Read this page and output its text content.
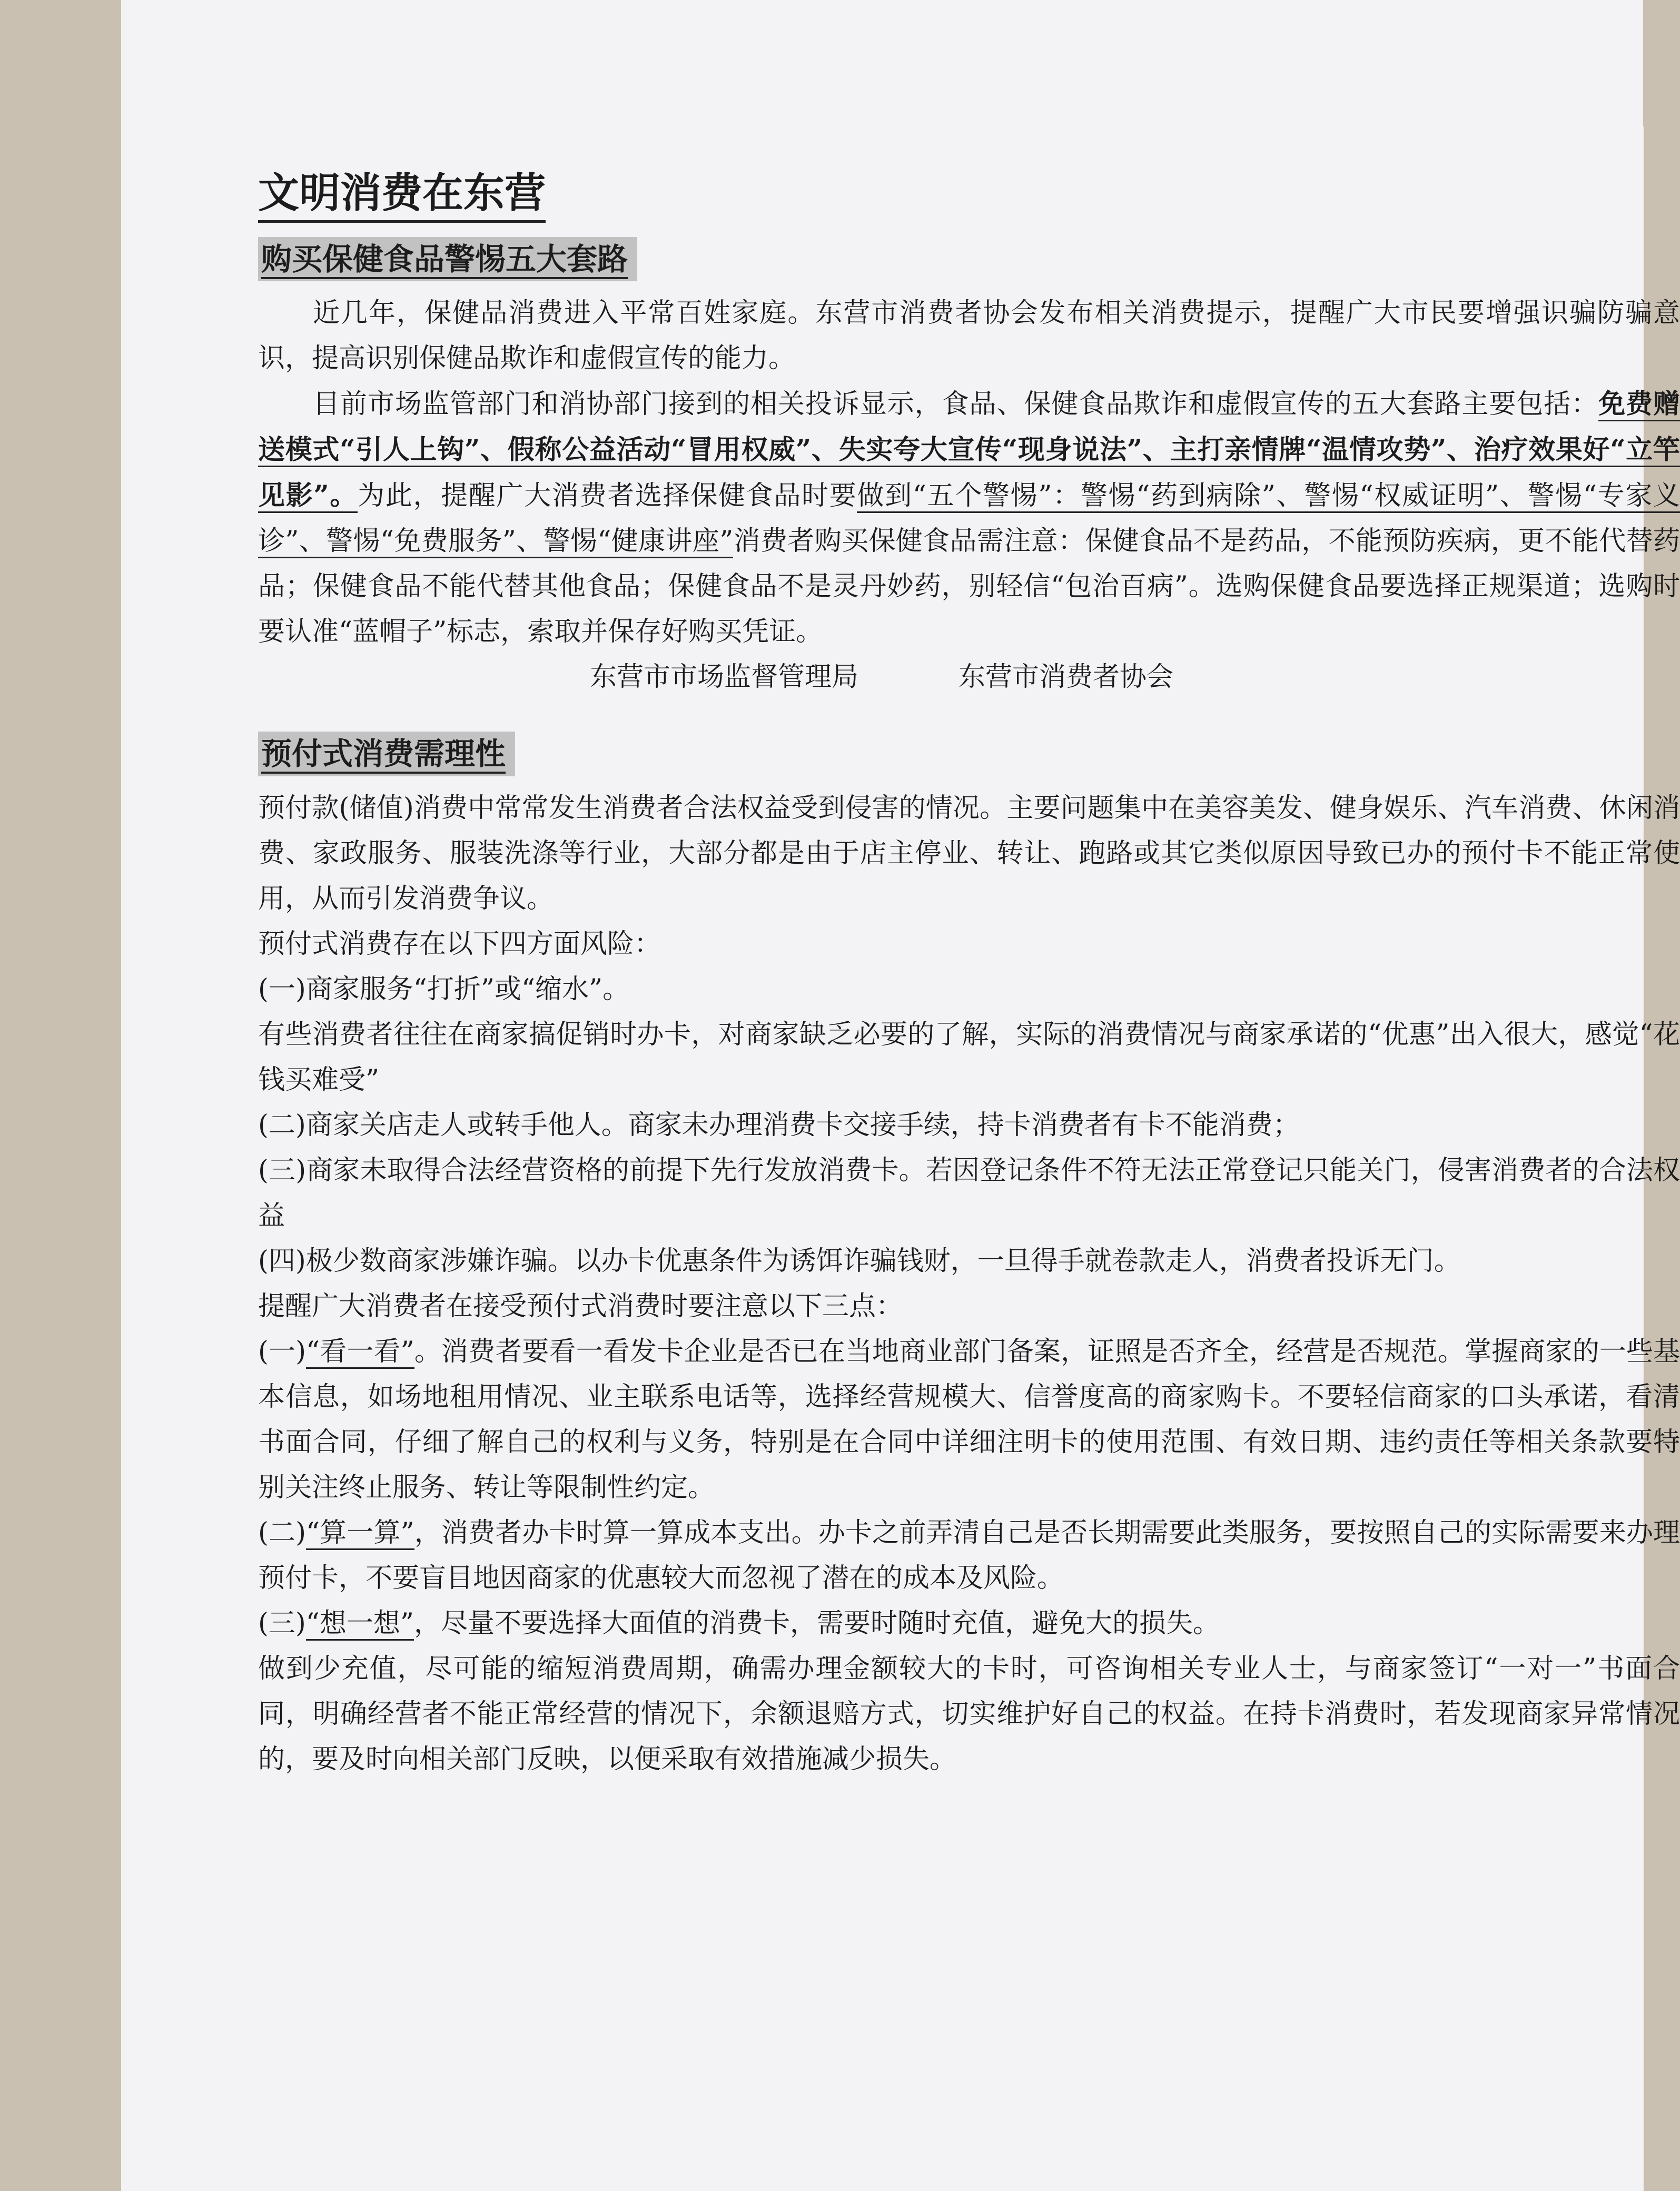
文明消费在东营
购买保健食品警惕五大套路

近几年，保健品消费进入平常百姓家庭。东营市消费者协会发布相关消费提示，提醒广大市民要增强识骗防骗意识，提高识别保健品欺诈和虚假宣传的能力。

目前市场监管部门和消协部门接到的相关投诉显示，食品、保健食品欺诈和虚假宣传的五大套路主要包括：免费赠送模式“引人上钩”、假称公益活动“冒用权威”、失实夸大宣传“现身说法”、主打亲情牌“温情攻势”、治疗效果好“立竿见影”。为此，提醒广大消费者选择保健食品时要做到“五个警惕”：警惕“药到病除”、警惕“权威证明”、警惕“专家义诊”、警惕“免费服务”、警惕“健康讲座”消费者购买保健食品需注意：保健食品不是药品，不能预防疾病，更不能代替药品；保健食品不能代替其他食品；保健食品不是灵丹妙药，别轻信“包治百病”。选购保健食品要选择正规渠道；选购时要认准“蓝帽子”标志，索取并保存好购买凭证。

东营市市场监督管理局	东营市消费者协会
预付式消费需理性

预付款(储值)消费中常常发生消费者合法权益受到侵害的情况。主要问题集中在美容美发、健身娱乐、汽车消费、休闲消费、家政服务、服装洗涤等行业，大部分都是由于店主停业、转让、跑路或其它类似原因导致已办的预付卡不能正常使用，从而引发消费争议。

预付式消费存在以下四方面风险：

(一)商家服务“打折”或“缩水”。

有些消费者往往在商家搞促销时办卡，对商家缺乏必要的了解，实际的消费情况与商家承诺的“优惠”出入很大，感觉“花钱买难受”

(二)商家关店走人或转手他人。商家未办理消费卡交接手续，持卡消费者有卡不能消费；

(三)商家未取得合法经营资格的前提下先行发放消费卡。若因登记条件不符无法正常登记只能关门，侵害消费者的合法权益

(四)极少数商家涉嫌诈骗。以办卡优惠条件为诱饵诈骗钱财，一旦得手就卷款走人，消费者投诉无门。

提醒广大消费者在接受预付式消费时要注意以下三点：

(一)“看一看”。消费者要看一看发卡企业是否已在当地商业部门备案，证照是否齐全，经营是否规范。掌握商家的一些基本信息，如场地租用情况、业主联系电话等，选择经营规模大、信誉度高的商家购卡。不要轻信商家的口头承诺，看清书面合同，仔细了解自己的权利与义务，特别是在合同中详细注明卡的使用范围、有效日期、违约责任等相关条款要特别关注终止服务、转让等限制性约定。

(二)“算一算”，消费者办卡时算一算成本支出。办卡之前弄清自己是否长期需要此类服务，要按照自己的实际需要来办理预付卡，不要盲目地因商家的优惠较大而忽视了潜在的成本及风险。

(三)“想一想”，尽量不要选择大面值的消费卡，需要时随时充值，避免大的损失。

做到少充值，尽可能的缩短消费周期，确需办理金额较大的卡时，可咨询相关专业人士，与商家签订“一对一”书面合同，明确经营者不能正常经营的情况下，余额退赔方式，切实维护好自己的权益。在持卡消费时，若发现商家异常情况的，要及时向相关部门反映，以便采取有效措施减少损失。
